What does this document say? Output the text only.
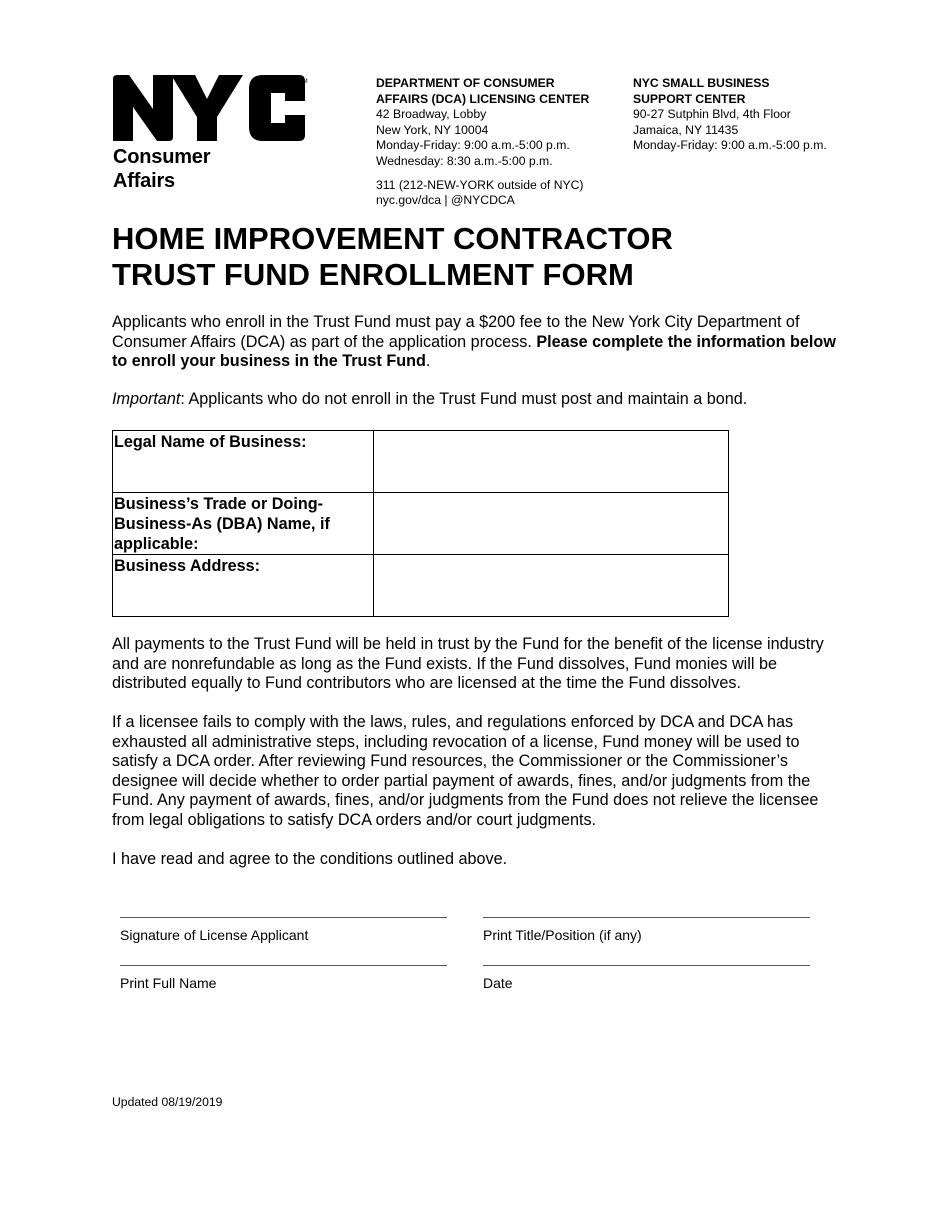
TM
Consumer
Affairs
DEPARTMENT OF CONSUMER
AFFAIRS (DCA) LICENSING CENTER
42 Broadway, Lobby
New York, NY 10004
Monday-Friday: 9:00 a.m.-5:00 p.m.
Wednesday: 8:30 a.m.-5:00 p.m.
311 (212-NEW-YORK outside of NYC)
nyc.gov/dca | @NYCDCA
NYC SMALL BUSINESS
SUPPORT CENTER
90-27 Sutphin Blvd, 4th Floor
Jamaica, NY 11435
Monday-Friday: 9:00 a.m.-5:00 p.m.
HOME IMPROVEMENT CONTRACTOR
TRUST FUND ENROLLMENT FORM

Applicants who enroll in the Trust Fund must pay a $200 fee to the New York City Department of Consumer Affairs (DCA) as part of the application process. Please complete the information below to enroll your business in the Trust Fund.

Important: Applicants who do not enroll in the Trust Fund must post and maintain a bond.

Legal Name of Business:	
Business’s Trade or Doing- Business-As (DBA) Name, if applicable:	
Business Address:	

All payments to the Trust Fund will be held in trust by the Fund for the benefit of the license industry and are nonrefundable as long as the Fund exists. If the Fund dissolves, Fund monies will be distributed equally to Fund contributors who are licensed at the time the Fund dissolves.

If a licensee fails to comply with the laws, rules, and regulations enforced by DCA and DCA has exhausted all administrative steps, including revocation of a license, Fund money will be used to satisfy a DCA order. After reviewing Fund resources, the Commissioner or the Commissioner’s designee will decide whether to order partial payment of awards, fines, and/or judgments from the Fund. Any payment of awards, fines, and/or judgments from the Fund does not relieve the licensee from legal obligations to satisfy DCA orders and/or court judgments.

I have read and agree to the conditions outlined above.

Signature of License Applicant	Print Title/Position (if any)
Print Full Name	Date
Updated 08/19/2019
